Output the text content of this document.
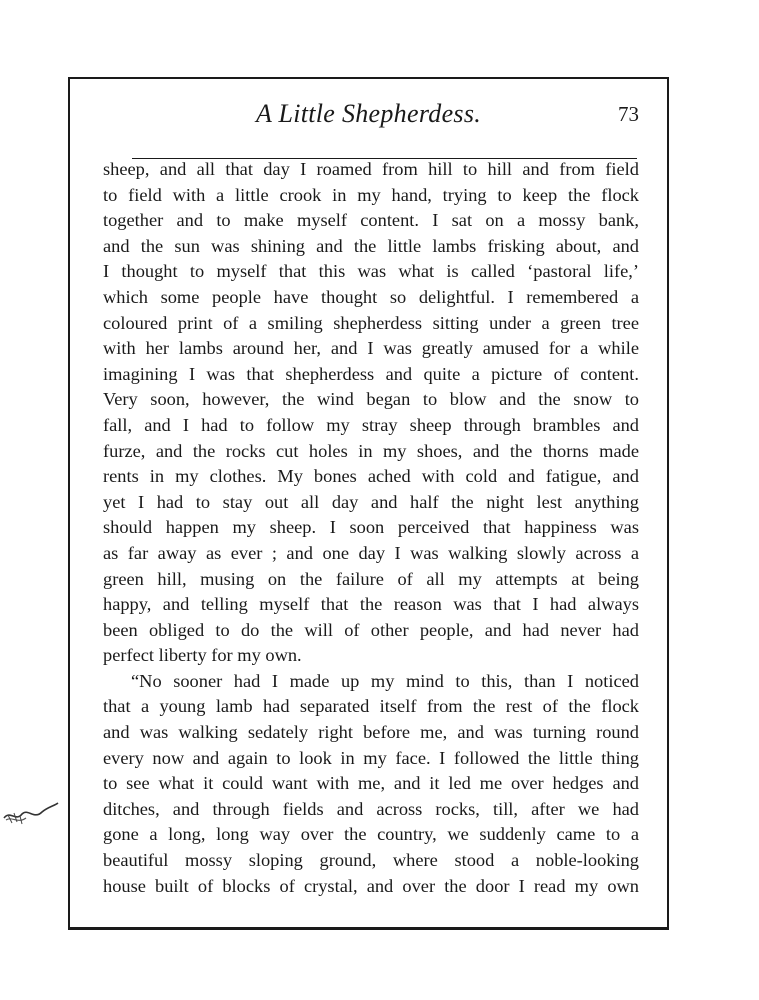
A Little Shepherdess.	73
sheep, and all that day I roamed from hill to hill and from field
to field with a little crook in my hand, trying to keep the flock
together and to make myself content. I sat on a mossy bank,
and the sun was shining and the little lambs frisking about, and
I thought to myself that this was what is called ‘pastoral life,’
which some people have thought so delightful. I remembered a
coloured print of a smiling shepherdess sitting under a green tree
with her lambs around her, and I was greatly amused for a while
imagining I was that shepherdess and quite a picture of content.
Very soon, however, the wind began to blow and the snow to
fall, and I had to follow my stray sheep through brambles and
furze, and the rocks cut holes in my shoes, and the thorns made
rents in my clothes. My bones ached with cold and fatigue, and
yet I had to stay out all day and half the night lest anything
should happen my sheep. I soon perceived that happiness was
as far away as ever ; and one day I was walking slowly across a
green hill, musing on the failure of all my attempts at being
happy, and telling myself that the reason was that I had always
been obliged to do the will of other people, and had never had
perfect liberty for my own.
“No sooner had I made up my mind to this, than I noticed
that a young lamb had separated itself from the rest of the flock
and was walking sedately right before me, and was turning round
every now and again to look in my face. I followed the little thing
to see what it could want with me, and it led me over hedges and
ditches, and through fields and across rocks, till, after we had
gone a long, long way over the country, we suddenly came to a
beautiful mossy sloping ground, where stood a noble-looking
house built of blocks of crystal, and over the door I read my own
